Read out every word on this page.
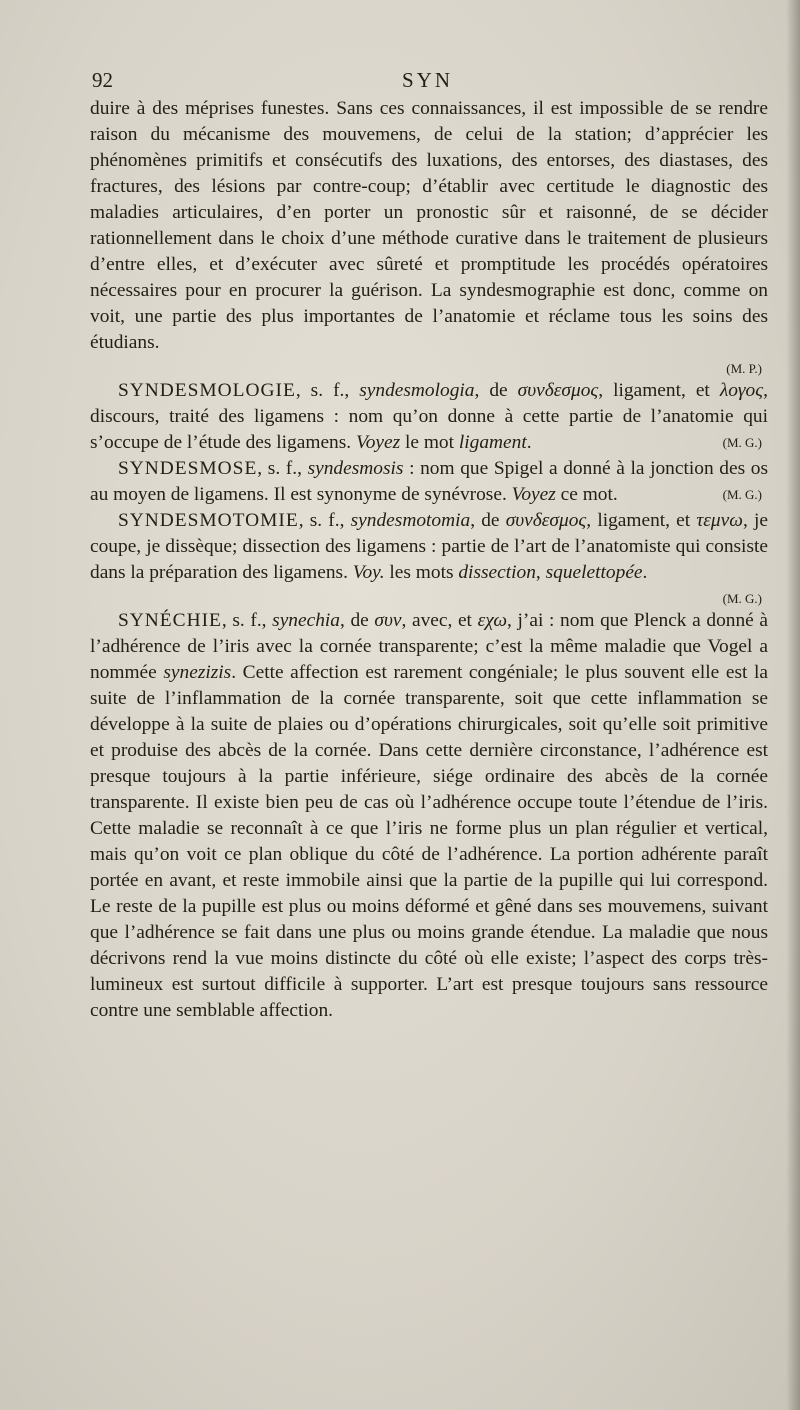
92	SYN

duire à des méprises funestes. Sans ces connaissances, il est impossible de se rendre raison du mécanisme des mouvemens, de celui de la station; d’apprécier les phénomènes primitifs et consécutifs des luxations, des entorses, des diastases, des fractures, des lésions par contre-coup; d’établir avec certitude le diagnostic des maladies articulaires, d’en porter un pronostic sûr et raisonné, de se décider rationnellement dans le choix d’une méthode curative dans le traitement de plusieurs d’entre elles, et d’exécuter avec sûreté et promptitude les procédés opératoires nécessaires pour en procurer la guérison. La syndesmographie est donc, comme on voit, une partie des plus importantes de l’anatomie et réclame tous les soins des étudians.

(M. P.)

SYNDESMOLOGIE, s. f., syndesmologia, de συνδεσμος, ligament, et λογος, discours, traité des ligamens : nom qu’on donne à cette partie de l’anatomie qui s’occupe de l’étude des ligamens. Voyez le mot ligament.	(M. G.)

SYNDESMOSE, s. f., syndesmosis : nom que Spigel a donné à la jonction des os au moyen de ligamens. Il est synonyme de synévrose. Voyez ce mot.	(M. G.)

SYNDESMOTOMIE, s. f., syndesmotomia, de συνδεσμος, ligament, et τεμνω, je coupe, je dissèque; dissection des ligamens : partie de l’art de l’anatomiste qui consiste dans la préparation des ligamens. Voy. les mots dissection, squelettopée.

(M. G.)

SYNÉCHIE, s. f., synechia, de συν, avec, et εχω, j’ai : nom que Plenck a donné à l’adhérence de l’iris avec la cornée transparente; c’est la même maladie que Vogel a nommée synezizis. Cette affection est rarement congéniale; le plus souvent elle est la suite de l’inflammation de la cornée transparente, soit que cette inflammation se développe à la suite de plaies ou d’opérations chirurgicales, soit qu’elle soit primitive et produise des abcès de la cornée. Dans cette dernière circonstance, l’adhérence est presque toujours à la partie inférieure, siége ordinaire des abcès de la cornée transparente. Il existe bien peu de cas où l’adhérence occupe toute l’étendue de l’iris. Cette maladie se reconnaît à ce que l’iris ne forme plus un plan régulier et vertical, mais qu’on voit ce plan oblique du côté de l’adhérence. La portion adhérente paraît portée en avant, et reste immobile ainsi que la partie de la pupille qui lui correspond. Le reste de la pupille est plus ou moins déformé et gêné dans ses mouvemens, suivant que l’adhérence se fait dans une plus ou moins grande étendue. La maladie que nous décrivons rend la vue moins distincte du côté où elle existe; l’aspect des corps très-lumineux est surtout difficile à supporter. L’art est presque toujours sans ressource contre une semblable affection.
